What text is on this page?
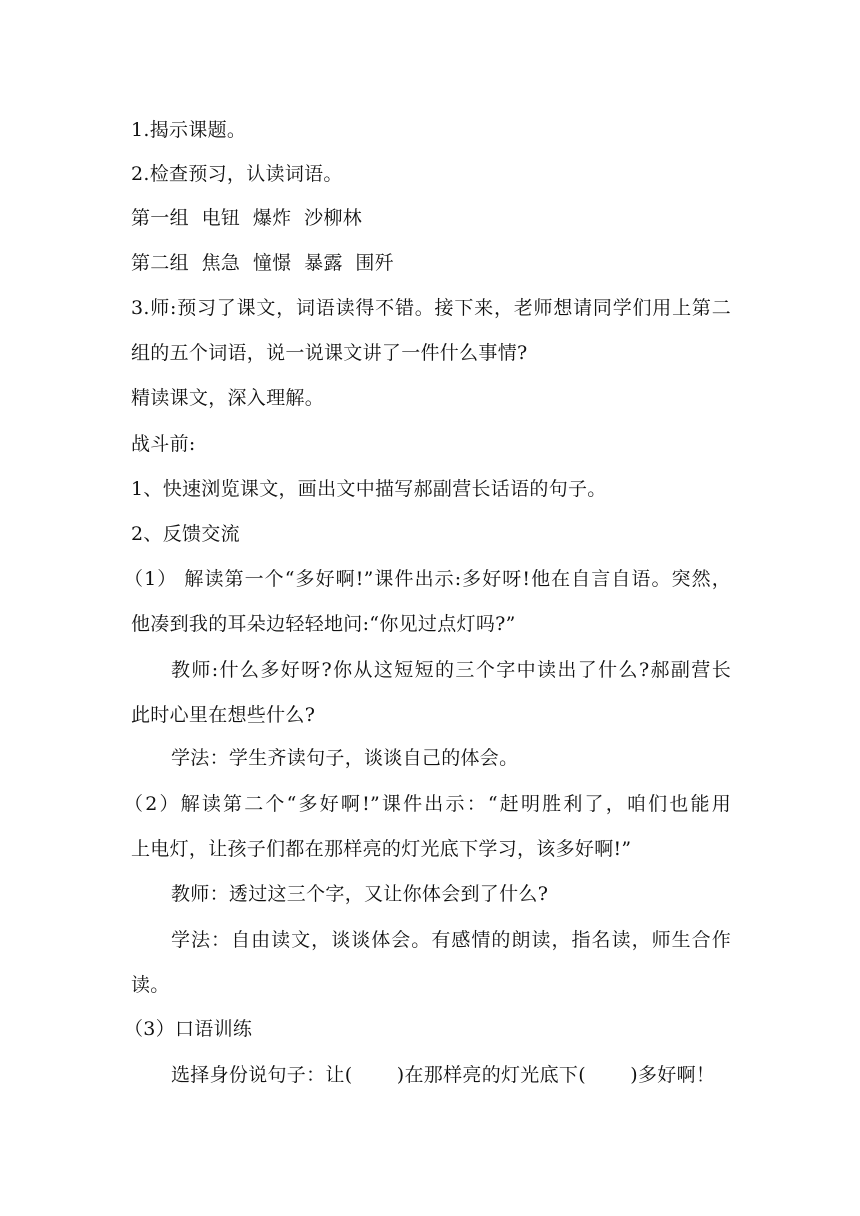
1.揭示课题。
2.检查预习，认读词语。
第一组  电钮  爆炸  沙柳林
第二组  焦急  憧憬  暴露  围歼
3.师:预习了课文，词语读得不错。接下来，老师想请同学们用上第二
组的五个词语，说一说课文讲了一件什么事情?
精读课文，深入理解。
战斗前:
1、快速浏览课文，画出文中描写郝副营长话语的句子。
2、反馈交流
（1） 解读第一个“多好啊!”课件出示:多好呀!他在自言自语。突然，
他凑到我的耳朵边轻轻地问:“你见过点灯吗?”
教师:什么多好呀?你从这短短的三个字中读出了什么?郝副营长
此时心里在想些什么?
学法：学生齐读句子，谈谈自己的体会。
（2）解读第二个“多好啊!”课件出示：“赶明胜利了，咱们也能用
上电灯，让孩子们都在那样亮的灯光底下学习，该多好啊!”
教师：透过这三个字，又让你体会到了什么?
学法：自由读文，谈谈体会。有感情的朗读，指名读，师生合作
读。
（3）口语训练
选择身份说句子：让(       )在那样亮的灯光底下(       )多好啊！
